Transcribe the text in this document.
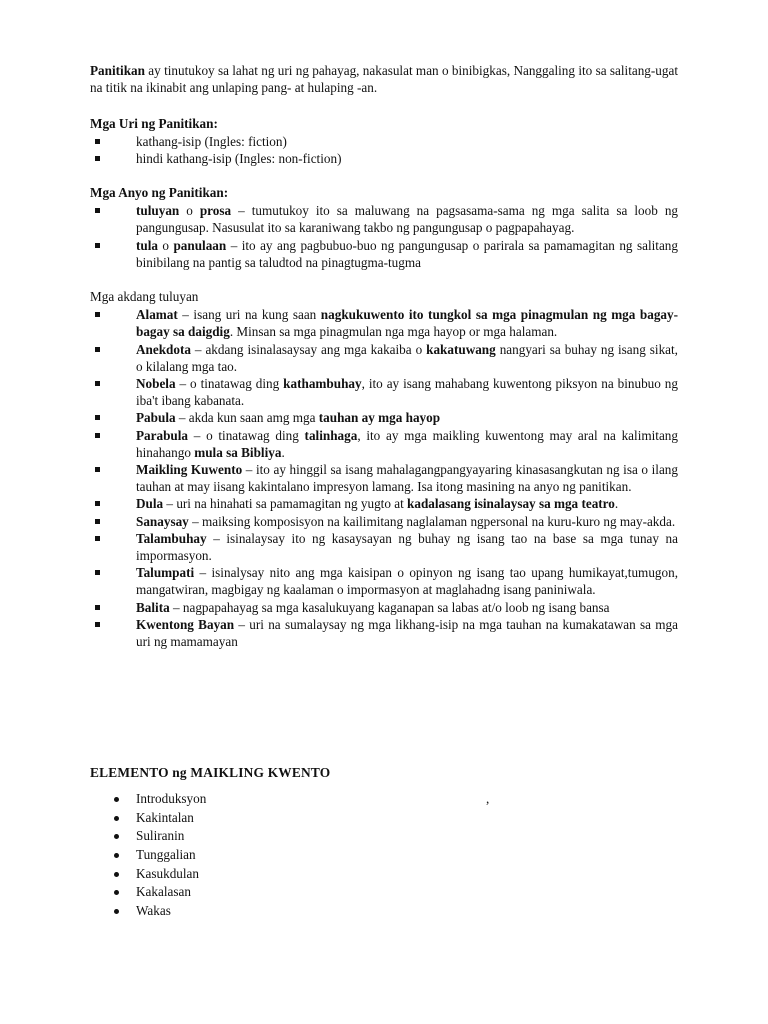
Panitikan ay tinutukoy sa lahat ng uri ng pahayag, nakasulat man o binibigkas, Nanggaling ito sa salitang-ugat na titik na ikinabit ang unlaping pang- at hulaping -an.

Mga Uri ng Panitikan:

kathang-isip (Ingles: fiction)
hindi kathang-isip (Ingles: non-fiction)

Mga Anyo ng Panitikan:

tuluyan o prosa – tumutukoy ito sa maluwang na pagsasama-sama ng mga salita sa loob ng pangungusap. Nasusulat ito sa karaniwang takbo ng pangungusap o pagpapahayag.
tula o panulaan – ito ay ang pagbubuo-buo ng pangungusap o parirala sa pamamagitan ng salitang binibilang na pantig sa taludtod na pinagtugma-tugma

Mga akdang tuluyan

Alamat – isang uri na kung saan nagkukuwento ito tungkol sa mga pinagmulan ng mga bagay-bagay sa daigdig. Minsan sa mga pinagmulan nga mga hayop or mga halaman.
Anekdota – akdang isinalasaysay ang mga kakaiba o kakatuwang nangyari sa buhay ng isang sikat, o kilalang mga tao.
Nobela – o tinatawag ding kathambuhay, ito ay isang mahabang kuwentong piksyon na binubuo ng iba't ibang kabanata.
Pabula – akda kun saan amg mga tauhan ay mga hayop
Parabula – o tinatawag ding talinhaga, ito ay mga maikling kuwentong may aral na kalimitang hinahango mula sa Bibliya.
Maikling Kuwento – ito ay hinggil sa isang mahalagangpangyayaring kinasasangkutan ng isa o ilang tauhan at may iisang kakintalano impresyon lamang. Isa itong masining na anyo ng panitikan.
Dula – uri na hinahati sa pamamagitan ng yugto at kadalasang isinalaysay sa mga teatro.
Sanaysay – maiksing komposisyon na kailimitang naglalaman ngpersonal na kuru-kuro ng may-akda.
Talambuhay – isinalaysay ito ng kasaysayan ng buhay ng isang tao na base sa mga tunay na impormasyon.
Talumpati – isinalysay nito ang mga kaisipan o opinyon ng isang tao upang humikayat,tumugon, mangatwiran, magbigay ng kaalaman o impormasyon at maglahadng isang paniniwala.
Balita – nagpapahayag sa mga kasalukuyang kaganapan sa labas at/o loob ng isang bansa
Kwentong Bayan – uri na sumalaysay ng mga likhang-isip na mga tauhan na kumakatawan sa mga uri ng mamamayan

ELEMENTO ng MAIKLING KWENTO

Introduksyon	,
Kakintalan
Suliranin
Tunggalian
Kasukdulan
Kakalasan
Wakas
